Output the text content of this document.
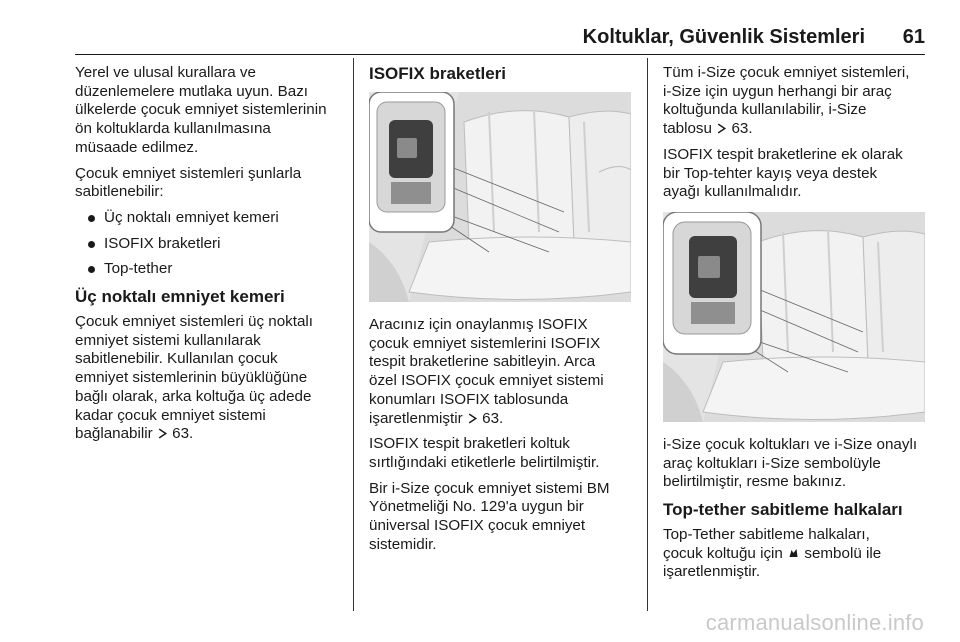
Koltuklar, Güvenlik Sistemleri 61

Yerel ve ulusal kurallara ve
düzenlemelere mutlaka uyun. Bazı
ülkelerde çocuk emniyet sistemlerinin
ön koltuklarda kullanılmasına
müsaade edilmez.

Çocuk emniyet sistemleri şunlarla
sabitlenebilir:

Üç noktalı emniyet kemeri
ISOFIX braketleri
Top-tether
Üç noktalı emniyet kemeri

Çocuk emniyet sistemleri üç noktalı
emniyet sistemi kullanılarak
sabitlenebilir. Kullanılan çocuk
emniyet sistemlerinin büyüklüğüne
bağlı olarak, arka koltuğa üç adede
kadar çocuk emniyet sistemi
bağlanabilir 63.

ISOFIX braketleri

Aracınız için onaylanmış ISOFIX
çocuk emniyet sistemlerini ISOFIX
tespit braketlerine sabitleyin. Arca
özel ISOFIX çocuk emniyet sistemi
konumları ISOFIX tablosunda
işaretlenmiştir 63.

ISOFIX tespit braketleri koltuk
sırtlığındaki etiketlerle belirtilmiştir.

Bir i-Size çocuk emniyet sistemi BM
Yönetmeliği No. 129'a uygun bir
üniversal ISOFIX çocuk emniyet
sistemidir.

Tüm i-Size çocuk emniyet sistemleri,
i-Size için uygun herhangi bir araç
koltuğunda kullanılabilir, i-Size
tablosu 63.

ISOFIX tespit braketlerine ek olarak
bir Top-tehter kayış veya destek
ayağı kullanılmalıdır.

i-Size çocuk koltukları ve i-Size onaylı
araç koltukları i-Size sembolüyle
belirtilmiştir, resme bakınız.

Top-tether sabitleme halkaları

Top-Tether sabitleme halkaları,
çocuk koltuğu için sembolü ile
işaretlenmiştir.

carmanualsonline.info
